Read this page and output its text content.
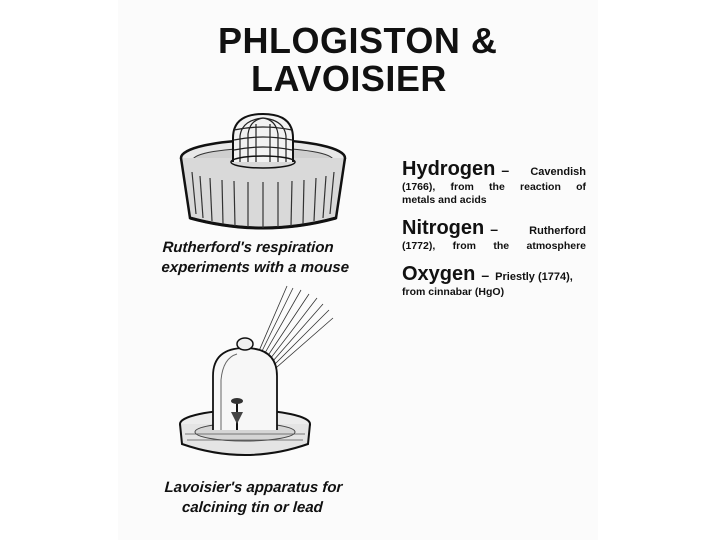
PHLOGISTON &
LAVOISIER

Rutherford's respiration
experiments with a mouse

Lavoisier's apparatus for
calcining tin or lead

Hydrogen – Cavendish
(1766), from the reaction of
metals and acids
Nitrogen –	Rutherford
(1772), from the atmosphere
Oxygen – Priestly (1774),
from cinnabar (HgO)
